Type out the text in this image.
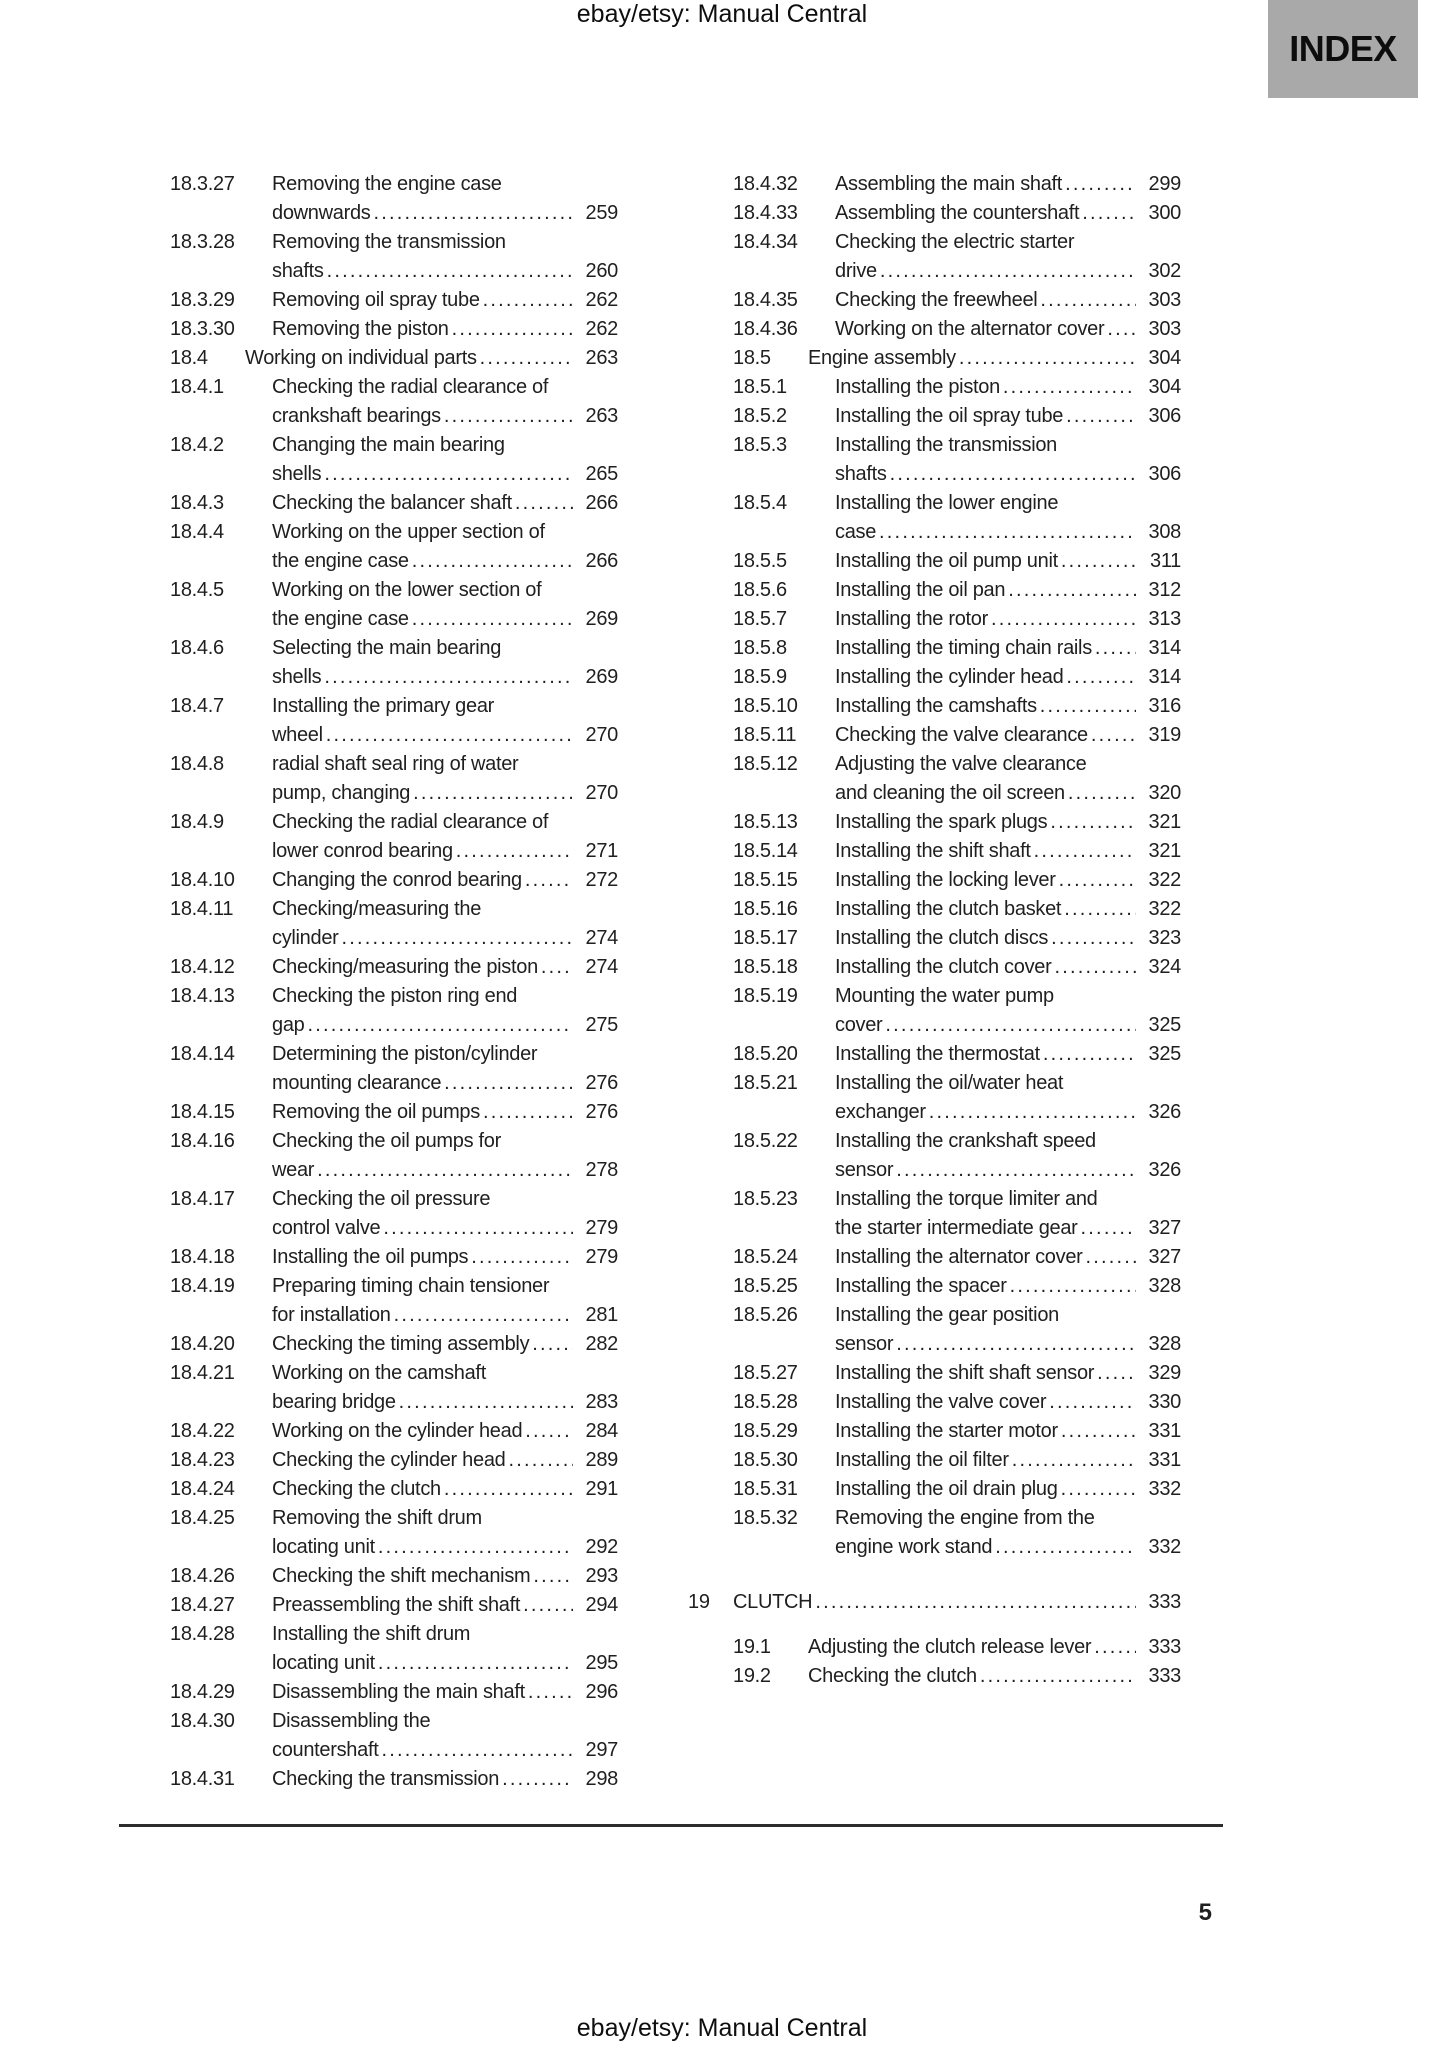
ebay/etsy: Manual Central
INDEX
18.3.27	Removing the engine case
downwards .....	259
18.3.28	Removing the transmission
shafts .....	260
18.3.29	Removing oil spray tube .....	262
18.3.30	Removing the piston .....	262
18.4	Working on individual parts .....	263
18.4.1	Checking the radial clearance of
crankshaft bearings .....	263
18.4.2	Changing the main bearing
shells .....	265
18.4.3	Checking the balancer shaft .....	266
18.4.4	Working on the upper section of
the engine case .....	266
18.4.5	Working on the lower section of
the engine case .....	269
18.4.6	Selecting the main bearing
shells .....	269
18.4.7	Installing the primary gear
wheel .....	270
18.4.8	radial shaft seal ring of water
pump, changing .....	270
18.4.9	Checking the radial clearance of
lower conrod bearing .....	271
18.4.10	Changing the conrod bearing .....	272
18.4.11	Checking/measuring the
cylinder .....	274
18.4.12	Checking/measuring the piston .....	274
18.4.13	Checking the piston ring end
gap .....	275
18.4.14	Determining the piston/cylinder
mounting clearance .....	276
18.4.15	Removing the oil pumps .....	276
18.4.16	Checking the oil pumps for
wear .....	278
18.4.17	Checking the oil pressure
control valve .....	279
18.4.18	Installing the oil pumps .....	279
18.4.19	Preparing timing chain tensioner
for installation .....	281
18.4.20	Checking the timing assembly .....	282
18.4.21	Working on the camshaft
bearing bridge .....	283
18.4.22	Working on the cylinder head .....	284
18.4.23	Checking the cylinder head .....	289
18.4.24	Checking the clutch .....	291
18.4.25	Removing the shift drum
locating unit .....	292
18.4.26	Checking the shift mechanism .....	293
18.4.27	Preassembling the shift shaft .....	294
18.4.28	Installing the shift drum
locating unit .....	295
18.4.29	Disassembling the main shaft .....	296
18.4.30	Disassembling the
countershaft .....	297
18.4.31	Checking the transmission .....	298
18.4.32	Assembling the main shaft .....	299
18.4.33	Assembling the countershaft .....	300
18.4.34	Checking the electric starter
drive .....	302
18.4.35	Checking the freewheel .....	303
18.4.36	Working on the alternator cover .....	303
18.5	Engine assembly .....	304
18.5.1	Installing the piston .....	304
18.5.2	Installing the oil spray tube .....	306
18.5.3	Installing the transmission
shafts .....	306
18.5.4	Installing the lower engine
case .....	308
18.5.5	Installing the oil pump unit .....	311
18.5.6	Installing the oil pan .....	312
18.5.7	Installing the rotor .....	313
18.5.8	Installing the timing chain rails .....	314
18.5.9	Installing the cylinder head .....	314
18.5.10	Installing the camshafts .....	316
18.5.11	Checking the valve clearance .....	319
18.5.12	Adjusting the valve clearance
and cleaning the oil screen .....	320
18.5.13	Installing the spark plugs .....	321
18.5.14	Installing the shift shaft .....	321
18.5.15	Installing the locking lever .....	322
18.5.16	Installing the clutch basket .....	322
18.5.17	Installing the clutch discs .....	323
18.5.18	Installing the clutch cover .....	324
18.5.19	Mounting the water pump
cover .....	325
18.5.20	Installing the thermostat .....	325
18.5.21	Installing the oil/water heat
exchanger .....	326
18.5.22	Installing the crankshaft speed
sensor .....	326
18.5.23	Installing the torque limiter and
the starter intermediate gear .....	327
18.5.24	Installing the alternator cover .....	327
18.5.25	Installing the spacer .....	328
18.5.26	Installing the gear position
sensor .....	328
18.5.27	Installing the shift shaft sensor .....	329
18.5.28	Installing the valve cover .....	330
18.5.29	Installing the starter motor .....	331
18.5.30	Installing the oil filter .....	331
18.5.31	Installing the oil drain plug .....	332
18.5.32	Removing the engine from the
engine work stand .....	332
19	CLUTCH .....	333
19.1	Adjusting the clutch release lever .....	333
19.2	Checking the clutch .....	333
5
ebay/etsy: Manual Central
